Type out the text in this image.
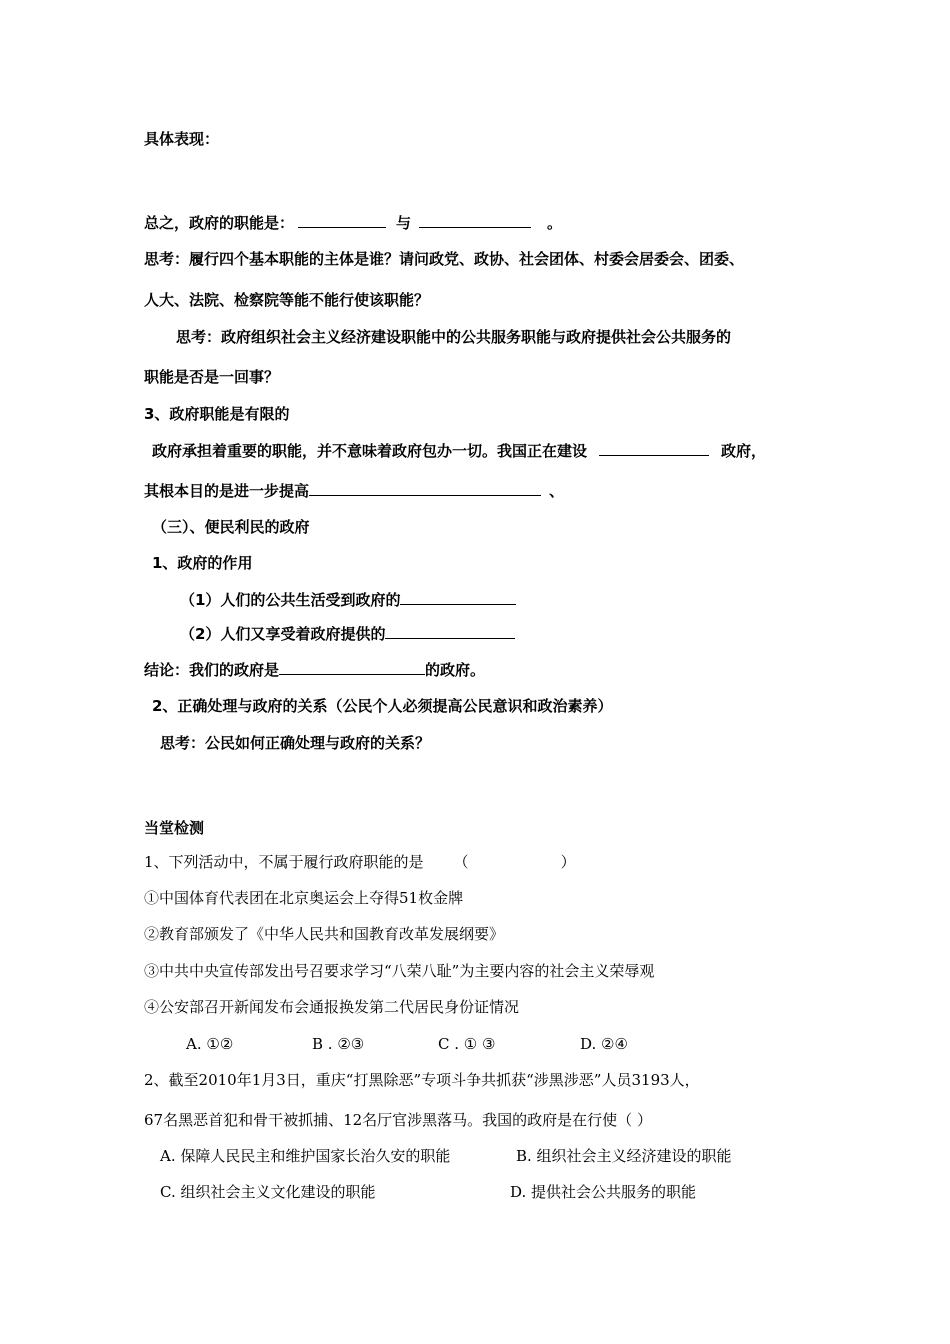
具体表现：
总之，政府的职能是：	与	。
思考：履行四个基本职能的主体是谁？请问政党、政协、社会团体、村委会居委会、团委、
人大、法院、检察院等能不能行使该职能？
思考：政府组织社会主义经济建设职能中的公共服务职能与政府提供社会公共服务的
职能是否是一回事？
3、政府职能是有限的
政府承担着重要的职能，并不意味着政府包办一切。我国正在建设	政府，
其根本目的是进一步提高	、
（三）、便民利民的政府
1、政府的作用
（1）人们的公共生活受到政府的
（2）人们又享受着政府提供的
结论：我们的政府是	的政府。
2、正确处理与政府的关系（公民个人必须提高公民意识和政治素养）
思考：公民如何正确处理与政府的关系？
当堂检测
1、下列活动中，不属于履行政府职能的是 （	）
①中国体育代表团在北京奥运会上夺得51枚金牌
②教育部颁发了《中华人民共和国教育改革发展纲要》
③中共中央宣传部发出号召要求学习“八荣八耻”为主要内容的社会主义荣辱观
④公安部召开新闻发布会通报换发第二代居民身份证情况
A. ①②	B . ②③	C . ① ③	D. ②④
2、截至2010年1月3日，重庆“打黑除恶”专项斗争共抓获“涉黑涉恶”人员3193人，
67名黑恶首犯和骨干被抓捕、12名厅官涉黑落马。我国的政府是在行使（ ）
A. 保障人民民主和维护国家长治久安的职能	B. 组织社会主义经济建设的职能
C. 组织社会主义文化建设的职能	D. 提供社会公共服务的职能
